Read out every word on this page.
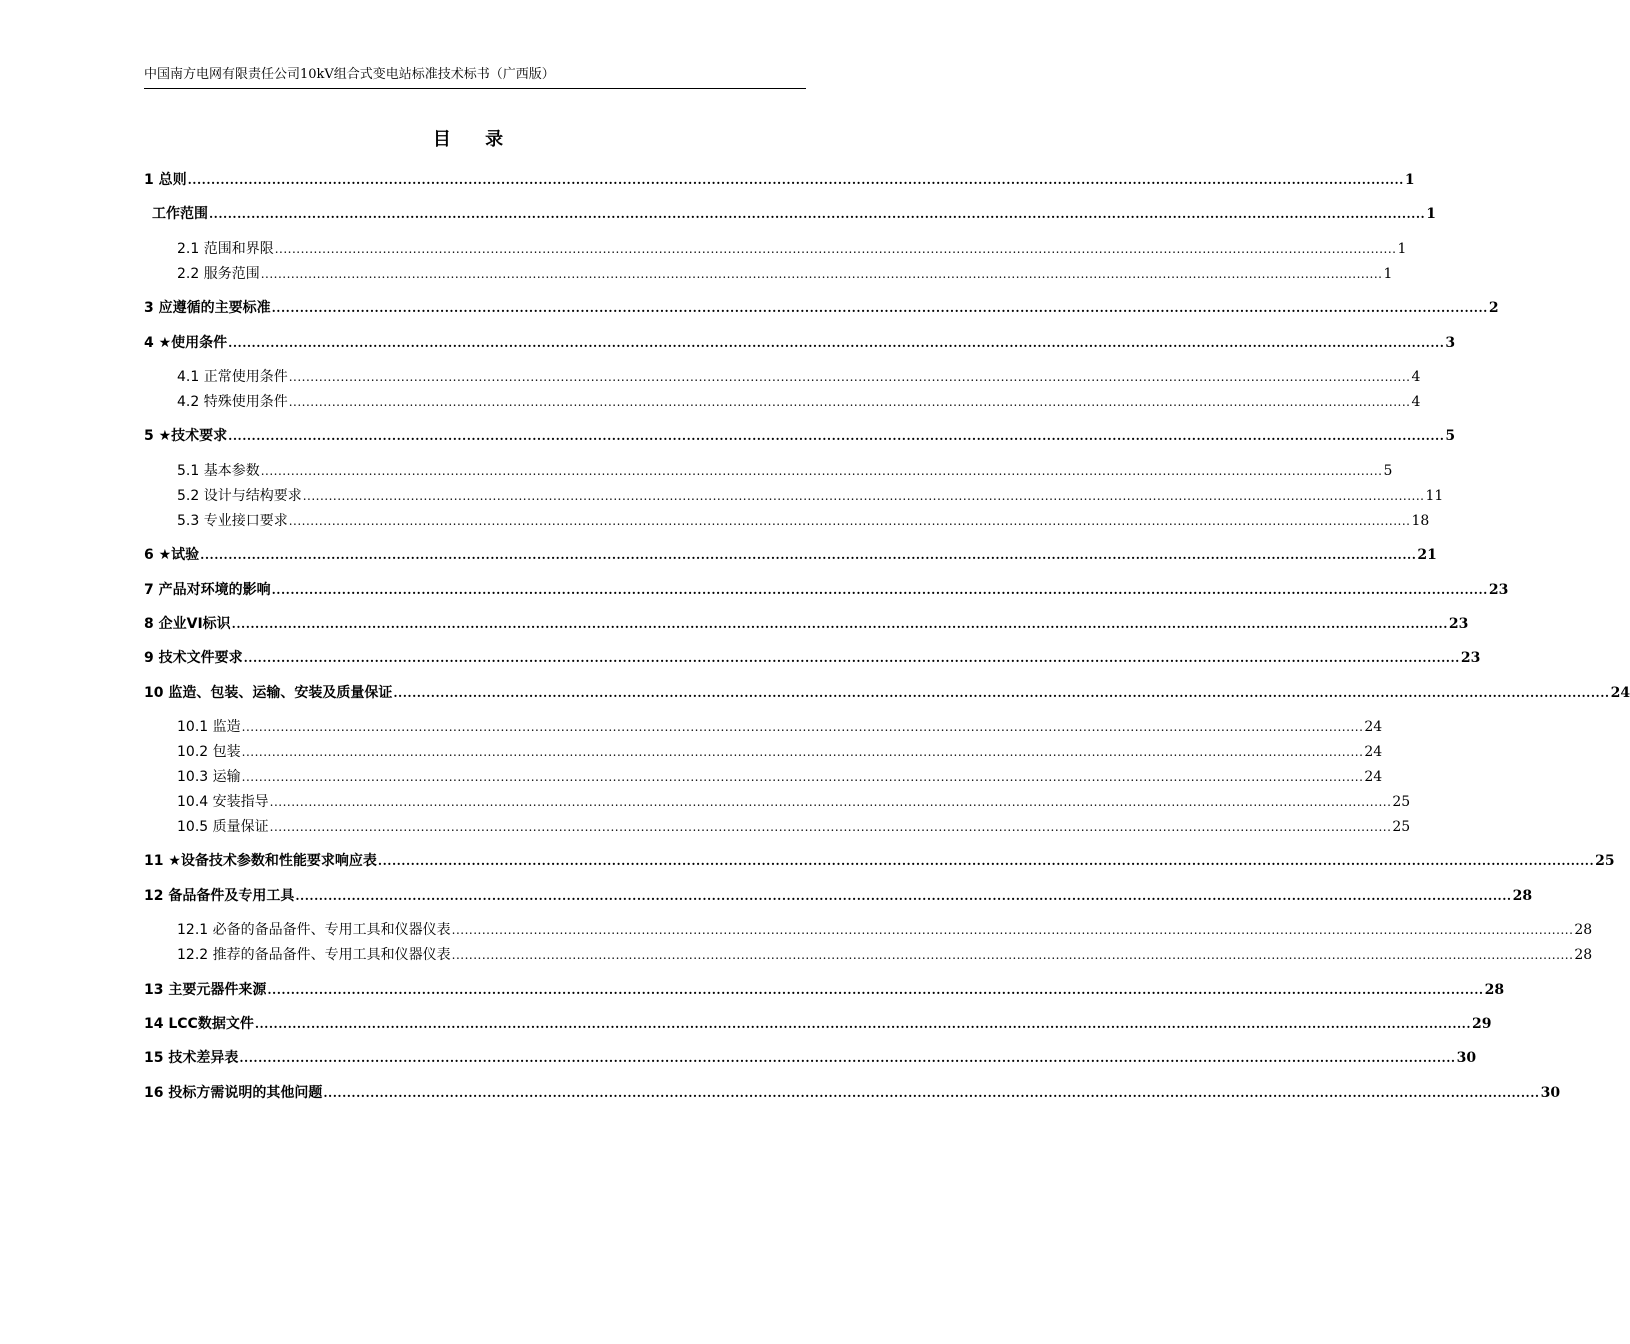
中国南方电网有限责任公司10kV组合式变电站标准技术标书（广西版）
目 录
1 总则 .................................................................................................................................................................................................................................................................... 1
工作范围 .................................................................................................................................................................................................................................................................... 1
2.1 范围和界限 .................................................................................................................................................................................................................................................................... 1
2.2 服务范围 .................................................................................................................................................................................................................................................................... 1
3 应遵循的主要标准 .................................................................................................................................................................................................................................................................... 2
4 ★使用条件 .................................................................................................................................................................................................................................................................... 3
4.1 正常使用条件 .................................................................................................................................................................................................................................................................... 4
4.2 特殊使用条件 .................................................................................................................................................................................................................................................................... 4
5 ★技术要求 .................................................................................................................................................................................................................................................................... 5
5.1 基本参数 .................................................................................................................................................................................................................................................................... 5
5.2 设计与结构要求 .................................................................................................................................................................................................................................................................... 11
5.3 专业接口要求 .................................................................................................................................................................................................................................................................... 18
6 ★试验 .................................................................................................................................................................................................................................................................... 21
7 产品对环境的影响 .................................................................................................................................................................................................................................................................... 23
8 企业VI标识 .................................................................................................................................................................................................................................................................... 23
9 技术文件要求 .................................................................................................................................................................................................................................................................... 23
10 监造、包装、运输、安装及质量保证 .................................................................................................................................................................................................................................................................... 24
10.1 监造 .................................................................................................................................................................................................................................................................... 24
10.2 包装 .................................................................................................................................................................................................................................................................... 24
10.3 运输 .................................................................................................................................................................................................................................................................... 24
10.4 安装指导 .................................................................................................................................................................................................................................................................... 25
10.5 质量保证 .................................................................................................................................................................................................................................................................... 25
11 ★设备技术参数和性能要求响应表 .................................................................................................................................................................................................................................................................... 25
12 备品备件及专用工具 .................................................................................................................................................................................................................................................................... 28
12.1 必备的备品备件、专用工具和仪器仪表 .................................................................................................................................................................................................................................................................... 28
12.2 推荐的备品备件、专用工具和仪器仪表 .................................................................................................................................................................................................................................................................... 28
13 主要元器件来源 .................................................................................................................................................................................................................................................................... 28
14 LCC数据文件 .................................................................................................................................................................................................................................................................... 29
15 技术差异表 .................................................................................................................................................................................................................................................................... 30
16 投标方需说明的其他问题 .................................................................................................................................................................................................................................................................... 30
